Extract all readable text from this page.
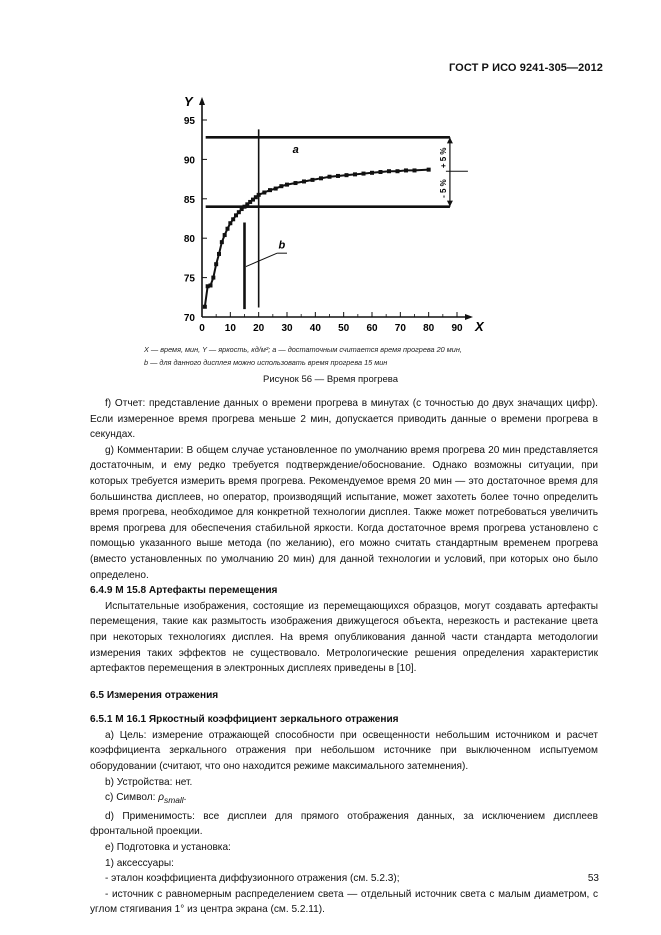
ГОСТ Р ИСО 9241-305—2012
0 10 20 30 40 50 60 70 80 90
70
75
80
85
90
95
X
Y
+ 5 %
- 5 %
a
b
X — время, мин, Y — яркость, кд/м²; a — достаточным считается время прогрева 20 мин,
b — для данного дисплея можно использовать время прогрева 15 мин
Рисунок 56 — Время прогрева

f) Отчет: представление данных о времени прогрева в минутах (с точностью до двух значащих цифр). Если измеренное время прогрева меньше 2 мин, допускается приводить данные о времени прогрева в секундах.

g) Комментарии: В общем случае установленное по умолчанию время прогрева 20 мин представляется достаточным, и ему редко требуется подтверждение/обоснование. Однако возможны ситуации, при которых требуется измерить время прогрева. Рекомендуемое время 20 мин — это достаточное время для большинства дисплеев, но оператор, производящий испытание, может захотеть более точно определить время прогрева, необходимое для конкретной технологии дисплея. Также может потребоваться увеличить время прогрева для обеспечения стабильной яркости. Когда достаточное время прогрева установлено с помощью указанного выше метода (по желанию), его можно считать стандартным временем прогрева (вместо установленных по умолчанию 20 мин) для данной технологии и условий, при которых оно было определено.

6.4.9 М 15.8 Артефакты перемещения

Испытательные изображения, состоящие из перемещающихся образцов, могут создавать артефакты перемещения, такие как размытость изображения движущегося объекта, нерезкость и растекание цвета при некоторых технологиях дисплея. На время опубликования данной части стандарта методологии измерения таких эффектов не существовало. Метрологические решения определения характеристик артефактов перемещения в электронных дисплеях приведены в [10].

6.5 Измерения отражения

6.5.1 М 16.1 Яркостный коэффициент зеркального отражения

а) Цель: измерение отражающей способности при освещенности небольшим источником и расчет коэффициента зеркального отражения при небольшом источнике при выключенном испытуемом оборудовании (считают, что оно находится режиме максимального затемнения).

b) Устройства: нет.

с) Символ: $\rho_{small}$.

d) Применимость: все дисплеи для прямого отображения данных, за исключением дисплеев фронтальной проекции.

е) Подготовка и установка:

1) аксессуары:

- эталон коэффициента диффузионного отражения (см. 5.2.3);

- источник с равномерным распределением света — отдельный источник света с малым диаметром, с углом стягивания 1° из центра экрана (см. 5.2.11).

53
